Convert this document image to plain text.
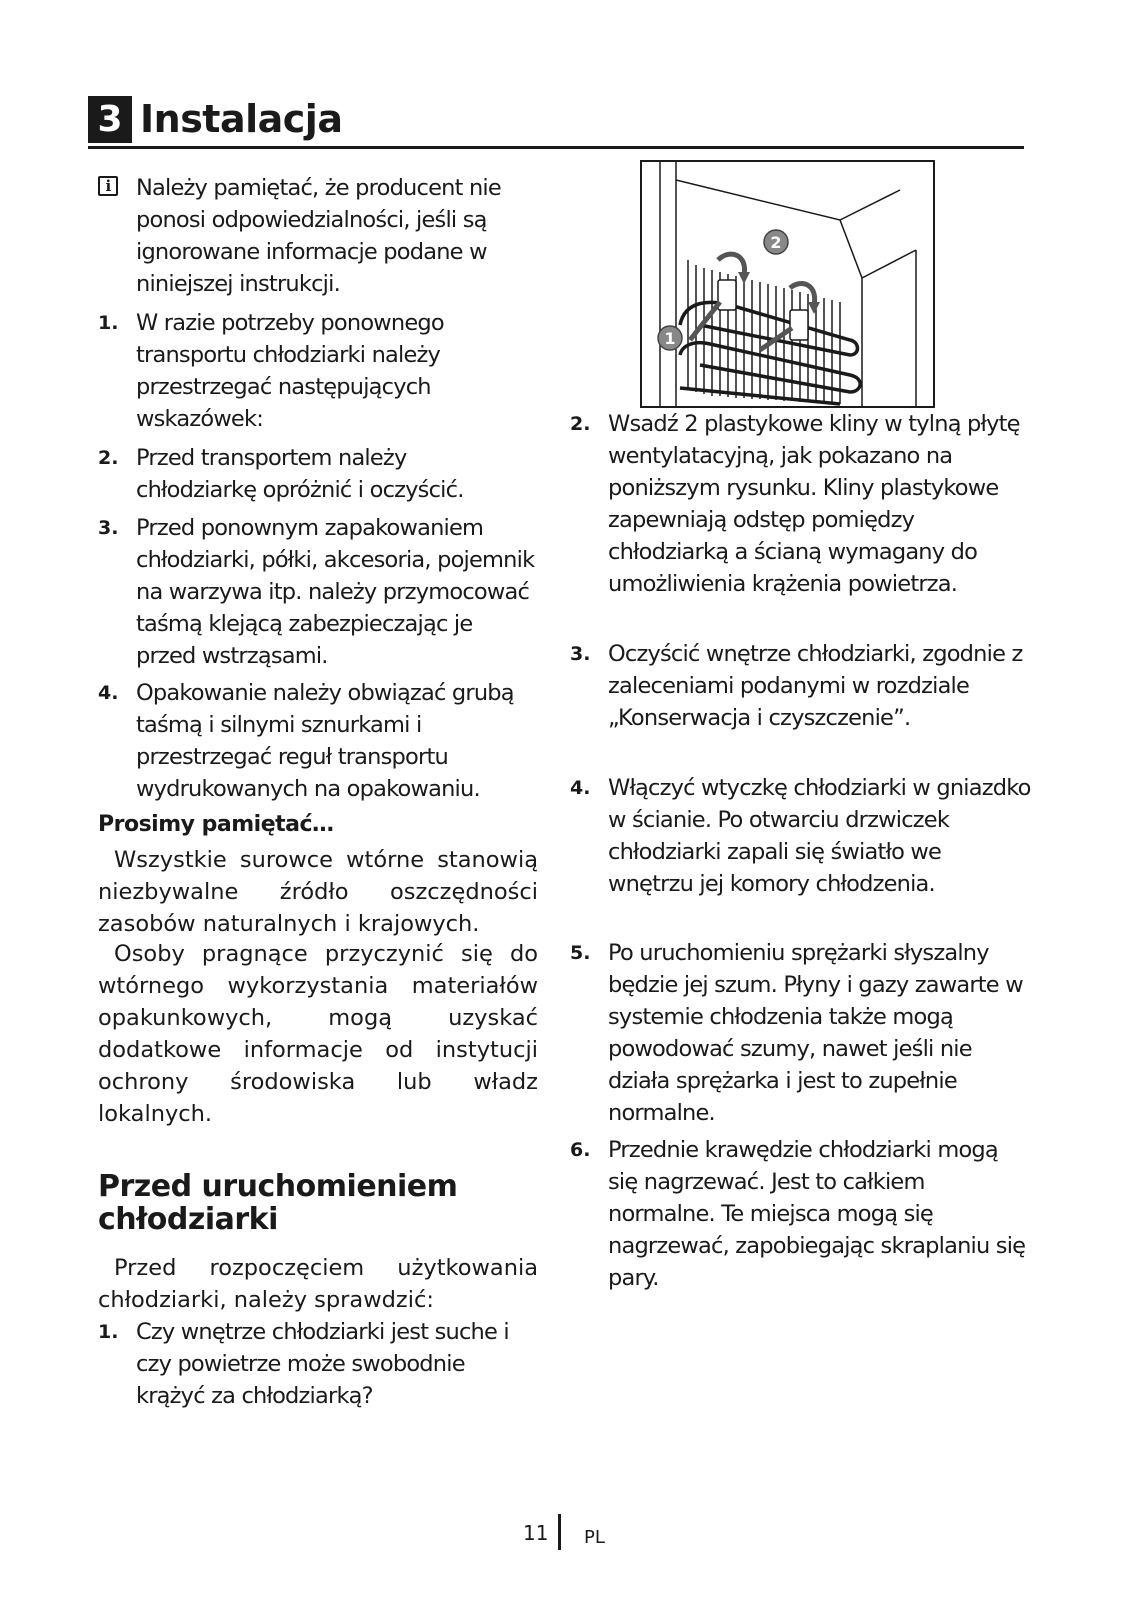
3 Instalacja
i	Należy pamiętać, że producent nie ponosi odpowiedzialności, jeśli są ignorowane informacje podane w niniejszej instrukcji.
1. W razie potrzeby ponownego transportu chłodziarki należy przestrzegać następujących wskazówek:
2. Przed transportem należy chłodziarkę opróżnić i oczyścić.
3. Przed ponownym zapakowaniem chłodziarki, półki, akcesoria, pojemnik na warzywa itp. należy przymocować taśmą klejącą zabezpieczając je przed wstrząsami.
4. Opakowanie należy obwiązać grubą taśmą i silnymi sznurkami i przestrzegać reguł transportu wydrukowanych na opakowaniu.
Prosimy pamiętać…
Wszystkie surowce wtórne stanowią niezbywalne źródło oszczędności zasobów naturalnych i krajowych.
Osoby pragnące przyczynić się do wtórnego wykorzystania materiałów opakunkowych, mogą uzyskać dodatkowe informacje od instytucji ochrony środowiska lub władz lokalnych.
Przed uruchomieniem chłodziarki
Przed rozpoczęciem użytkowania chłodziarki, należy sprawdzić:
1. Czy wnętrze chłodziarki jest suche i czy powietrze może swobodnie krążyć za chłodziarką?
2
1
2. Wsadź 2 plastykowe kliny w tylną płytę wentylatacyjną, jak pokazano na poniższym rysunku. Kliny plastykowe zapewniają odstęp pomiędzy chłodziarką a ścianą wymagany do umożliwienia krążenia powietrza.
3. Oczyścić wnętrze chłodziarki, zgodnie z zaleceniami podanymi w rozdziale „Konserwacja i czyszczenie”.
4. Włączyć wtyczkę chłodziarki w gniazdko w ścianie. Po otwarciu drzwiczek chłodziarki zapali się światło we wnętrzu jej komory chłodzenia.
5. Po uruchomieniu sprężarki słyszalny będzie jej szum. Płyny i gazy zawarte w systemie chłodzenia także mogą powodować szumy, nawet jeśli nie działa sprężarka i jest to zupełnie normalne.
6. Przednie krawędzie chłodziarki mogą się nagrzewać. Jest to całkiem normalne. Te miejsca mogą się nagrzewać, zapobiegając skraplaniu się pary.
11 PL
